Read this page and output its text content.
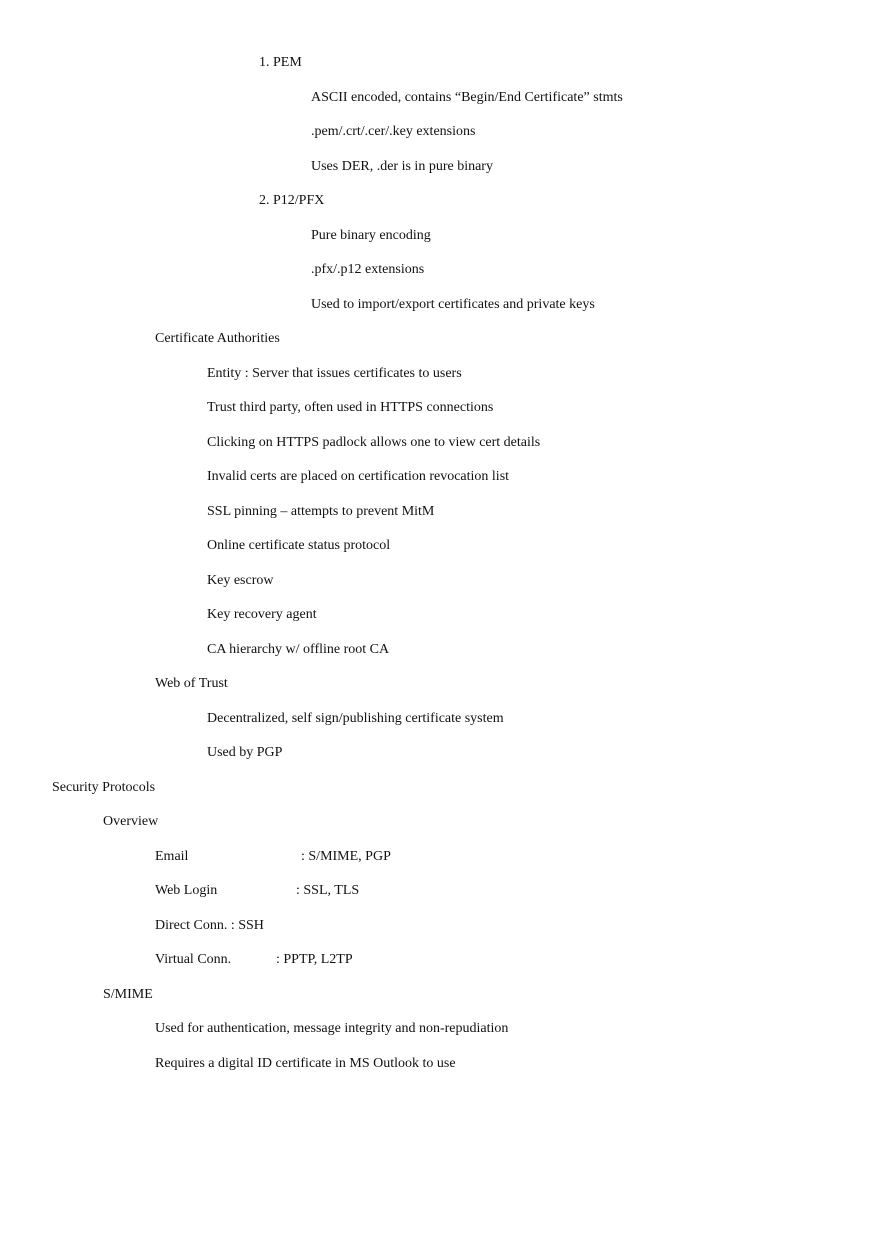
1. PEM
ASCII encoded, contains “Begin/End Certificate” stmts
.pem/.crt/.cer/.key extensions
Uses DER, .der is in pure binary
2. P12/PFX
Pure binary encoding
.pfx/.p12 extensions
Used to import/export certificates and private keys
Certificate Authorities
Entity : Server that issues certificates to users
Trust third party, often used in HTTPS connections
Clicking on HTTPS padlock allows one to view cert details
Invalid certs are placed on certification revocation list
SSL pinning – attempts to prevent MitM
Online certificate status protocol
Key escrow
Key recovery agent
CA hierarchy w/ offline root CA
Web of Trust
Decentralized, self sign/publishing certificate system
Used by PGP
Security Protocols
Overview
Email	: S/MIME, PGP
Web Login	: SSL, TLS
Direct Conn. : SSH
Virtual Conn.	: PPTP, L2TP
S/MIME
Used for authentication, message integrity and non-repudiation
Requires a digital ID certificate in MS Outlook to use
